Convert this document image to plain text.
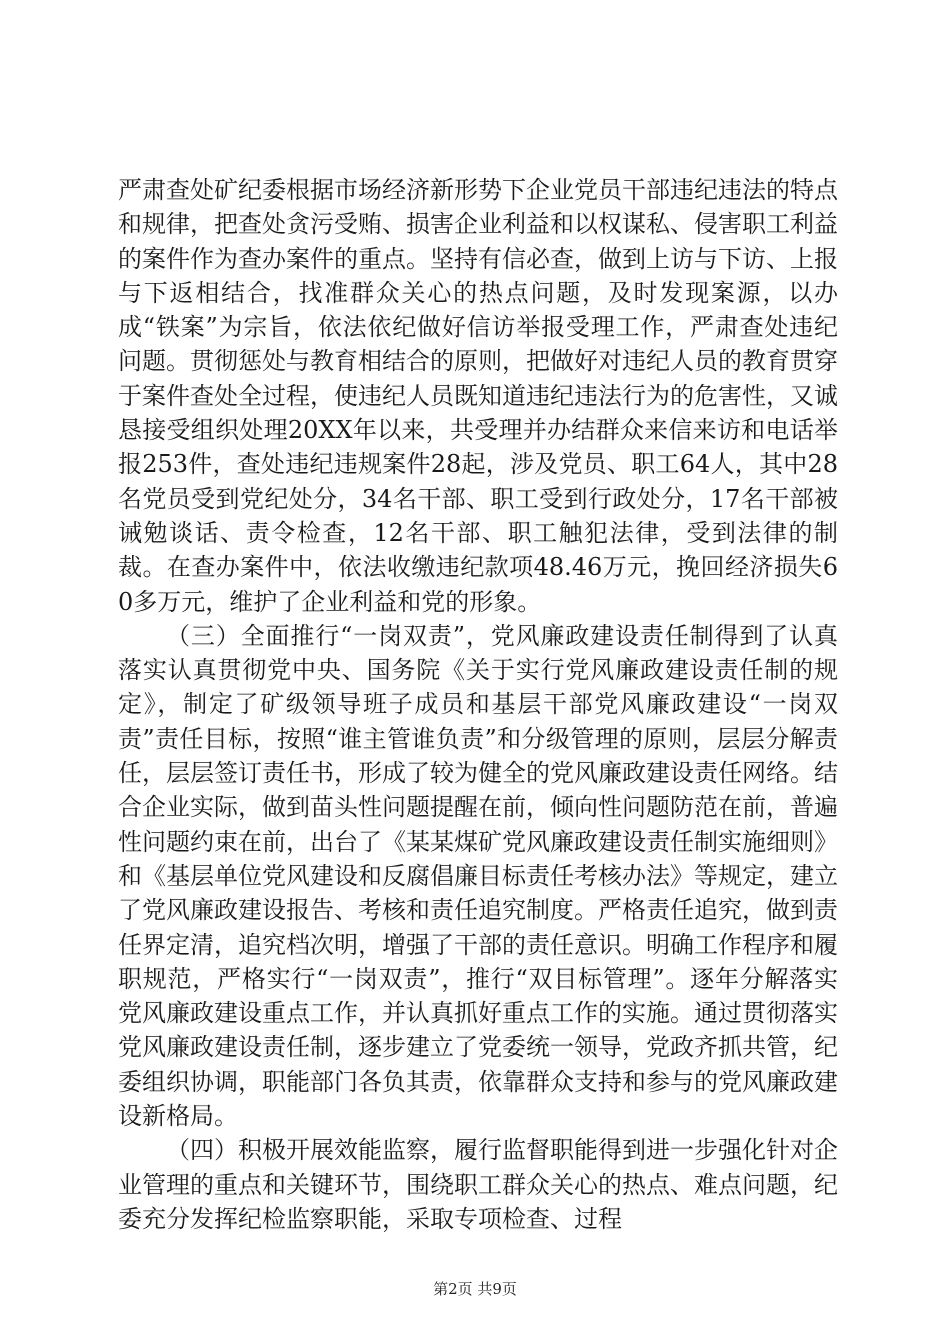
严肃查处矿纪委根据市场经济新形势下企业党员干部违纪违法的特点和规律，把查处贪污受贿、损害企业利益和以权谋私、侵害职工利益的案件作为查办案件的重点。坚持有信必查，做到上访与下访、上报与下返相结合，找准群众关心的热点问题，及时发现案源，以办成“铁案”为宗旨，依法依纪做好信访举报受理工作，严肃查处违纪问题。贯彻惩处与教育相结合的原则，把做好对违纪人员的教育贯穿于案件查处全过程，使违纪人员既知道违纪违法行为的危害性，又诚恳接受组织处理20XX年以来，共受理并办结群众来信来访和电话举报253件，查处违纪违规案件28起，涉及党员、职工64人，其中28名党员受到党纪处分，34名干部、职工受到行政处分，17名干部被诫勉谈话、责令检查，12名干部、职工触犯法律，受到法律的制裁。在查办案件中，依法收缴违纪款项48.46万元，挽回经济损失60多万元，维护了企业利益和党的形象。

（三）全面推行“一岗双责”，党风廉政建设责任制得到了认真落实认真贯彻党中央、国务院《关于实行党风廉政建设责任制的规定》，制定了矿级领导班子成员和基层干部党风廉政建设“一岗双责”责任目标，按照“谁主管谁负责”和分级管理的原则，层层分解责任，层层签订责任书，形成了较为健全的党风廉政建设责任网络。结合企业实际，做到苗头性问题提醒在前，倾向性问题防范在前，普遍性问题约束在前，出台了《某某煤矿党风廉政建设责任制实施细则》和《基层单位党风建设和反腐倡廉目标责任考核办法》等规定，建立了党风廉政建设报告、考核和责任追究制度。严格责任追究，做到责任界定清，追究档次明，增强了干部的责任意识。明确工作程序和履职规范，严格实行“一岗双责”，推行“双目标管理”。逐年分解落实党风廉政建设重点工作，并认真抓好重点工作的实施。通过贯彻落实党风廉政建设责任制，逐步建立了党委统一领导，党政齐抓共管，纪委组织协调，职能部门各负其责，依靠群众支持和参与的党风廉政建设新格局。

（四）积极开展效能监察，履行监督职能得到进一步强化针对企业管理的重点和关键环节，围绕职工群众关心的热点、难点问题，纪委充分发挥纪检监察职能，采取专项检查、过程

第2页 共9页
